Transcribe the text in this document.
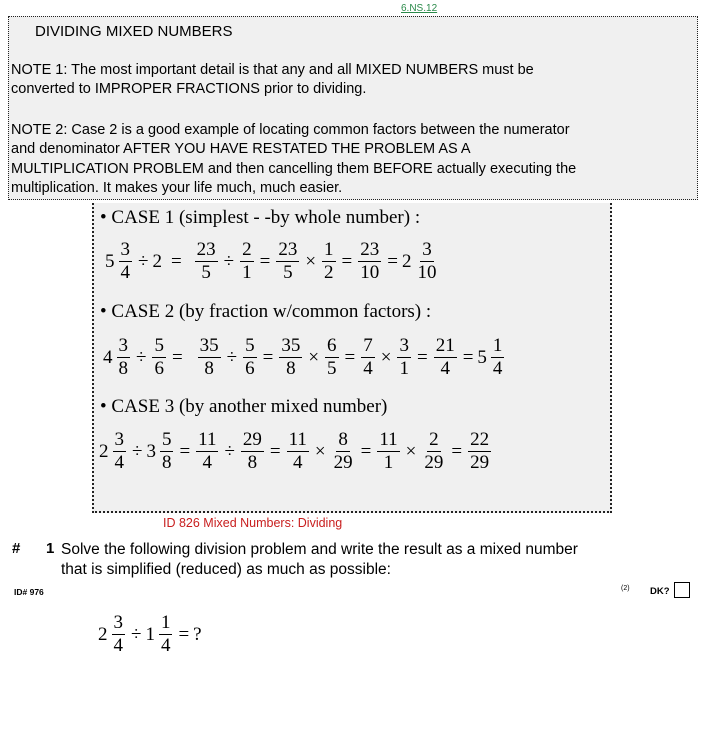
6.NS.12
DIVIDING MIXED NUMBERS
NOTE 1: The most important detail is that any and all MIXED NUMBERS must be
converted to IMPROPER FRACTIONS prior to dividing.
NOTE 2: Case 2 is a good example of locating common factors between the numerator
and denominator AFTER YOU HAVE RESTATED THE PROBLEM AS A
MULTIPLICATION PROBLEM and then cancelling them BEFORE actually executing the
multiplication. It makes your life much, much easier.
• CASE 1 (simplest - -by whole number) :
$5 \frac{3}{4} \div 2 = \frac{23}{5} \div \frac{2}{1} = \frac{23}{5} \times \frac{1}{2} = \frac{23}{10} = 2 \frac{3}{10}$
• CASE 2 (by fraction w/common factors) :
$4 \frac{3}{8} \div \frac{5}{6} = \frac{35}{8} \div \frac{5}{6} = \frac{35}{8} \times \frac{6}{5} = \frac{7}{4} \times \frac{3}{1} = \frac{21}{4} = 5 \frac{1}{4}$
• CASE 3 (by another mixed number)
$2 \frac{3}{4} \div 3 \frac{5}{8} = \frac{11}{4} \div \frac{29}{8} = \frac{11}{4} \times \frac{8}{29} = \frac{11}{1} \times \frac{2}{29} = \frac{22}{29}$
ID 826 Mixed Numbers: Dividing
# 1 Solve the following division problem and write the result as a mixed number
that is simplified (reduced) as much as possible:
ID# 976	(2) DK?
$2 \frac{3}{4} \div 1 \frac{1}{4}$ = ?
